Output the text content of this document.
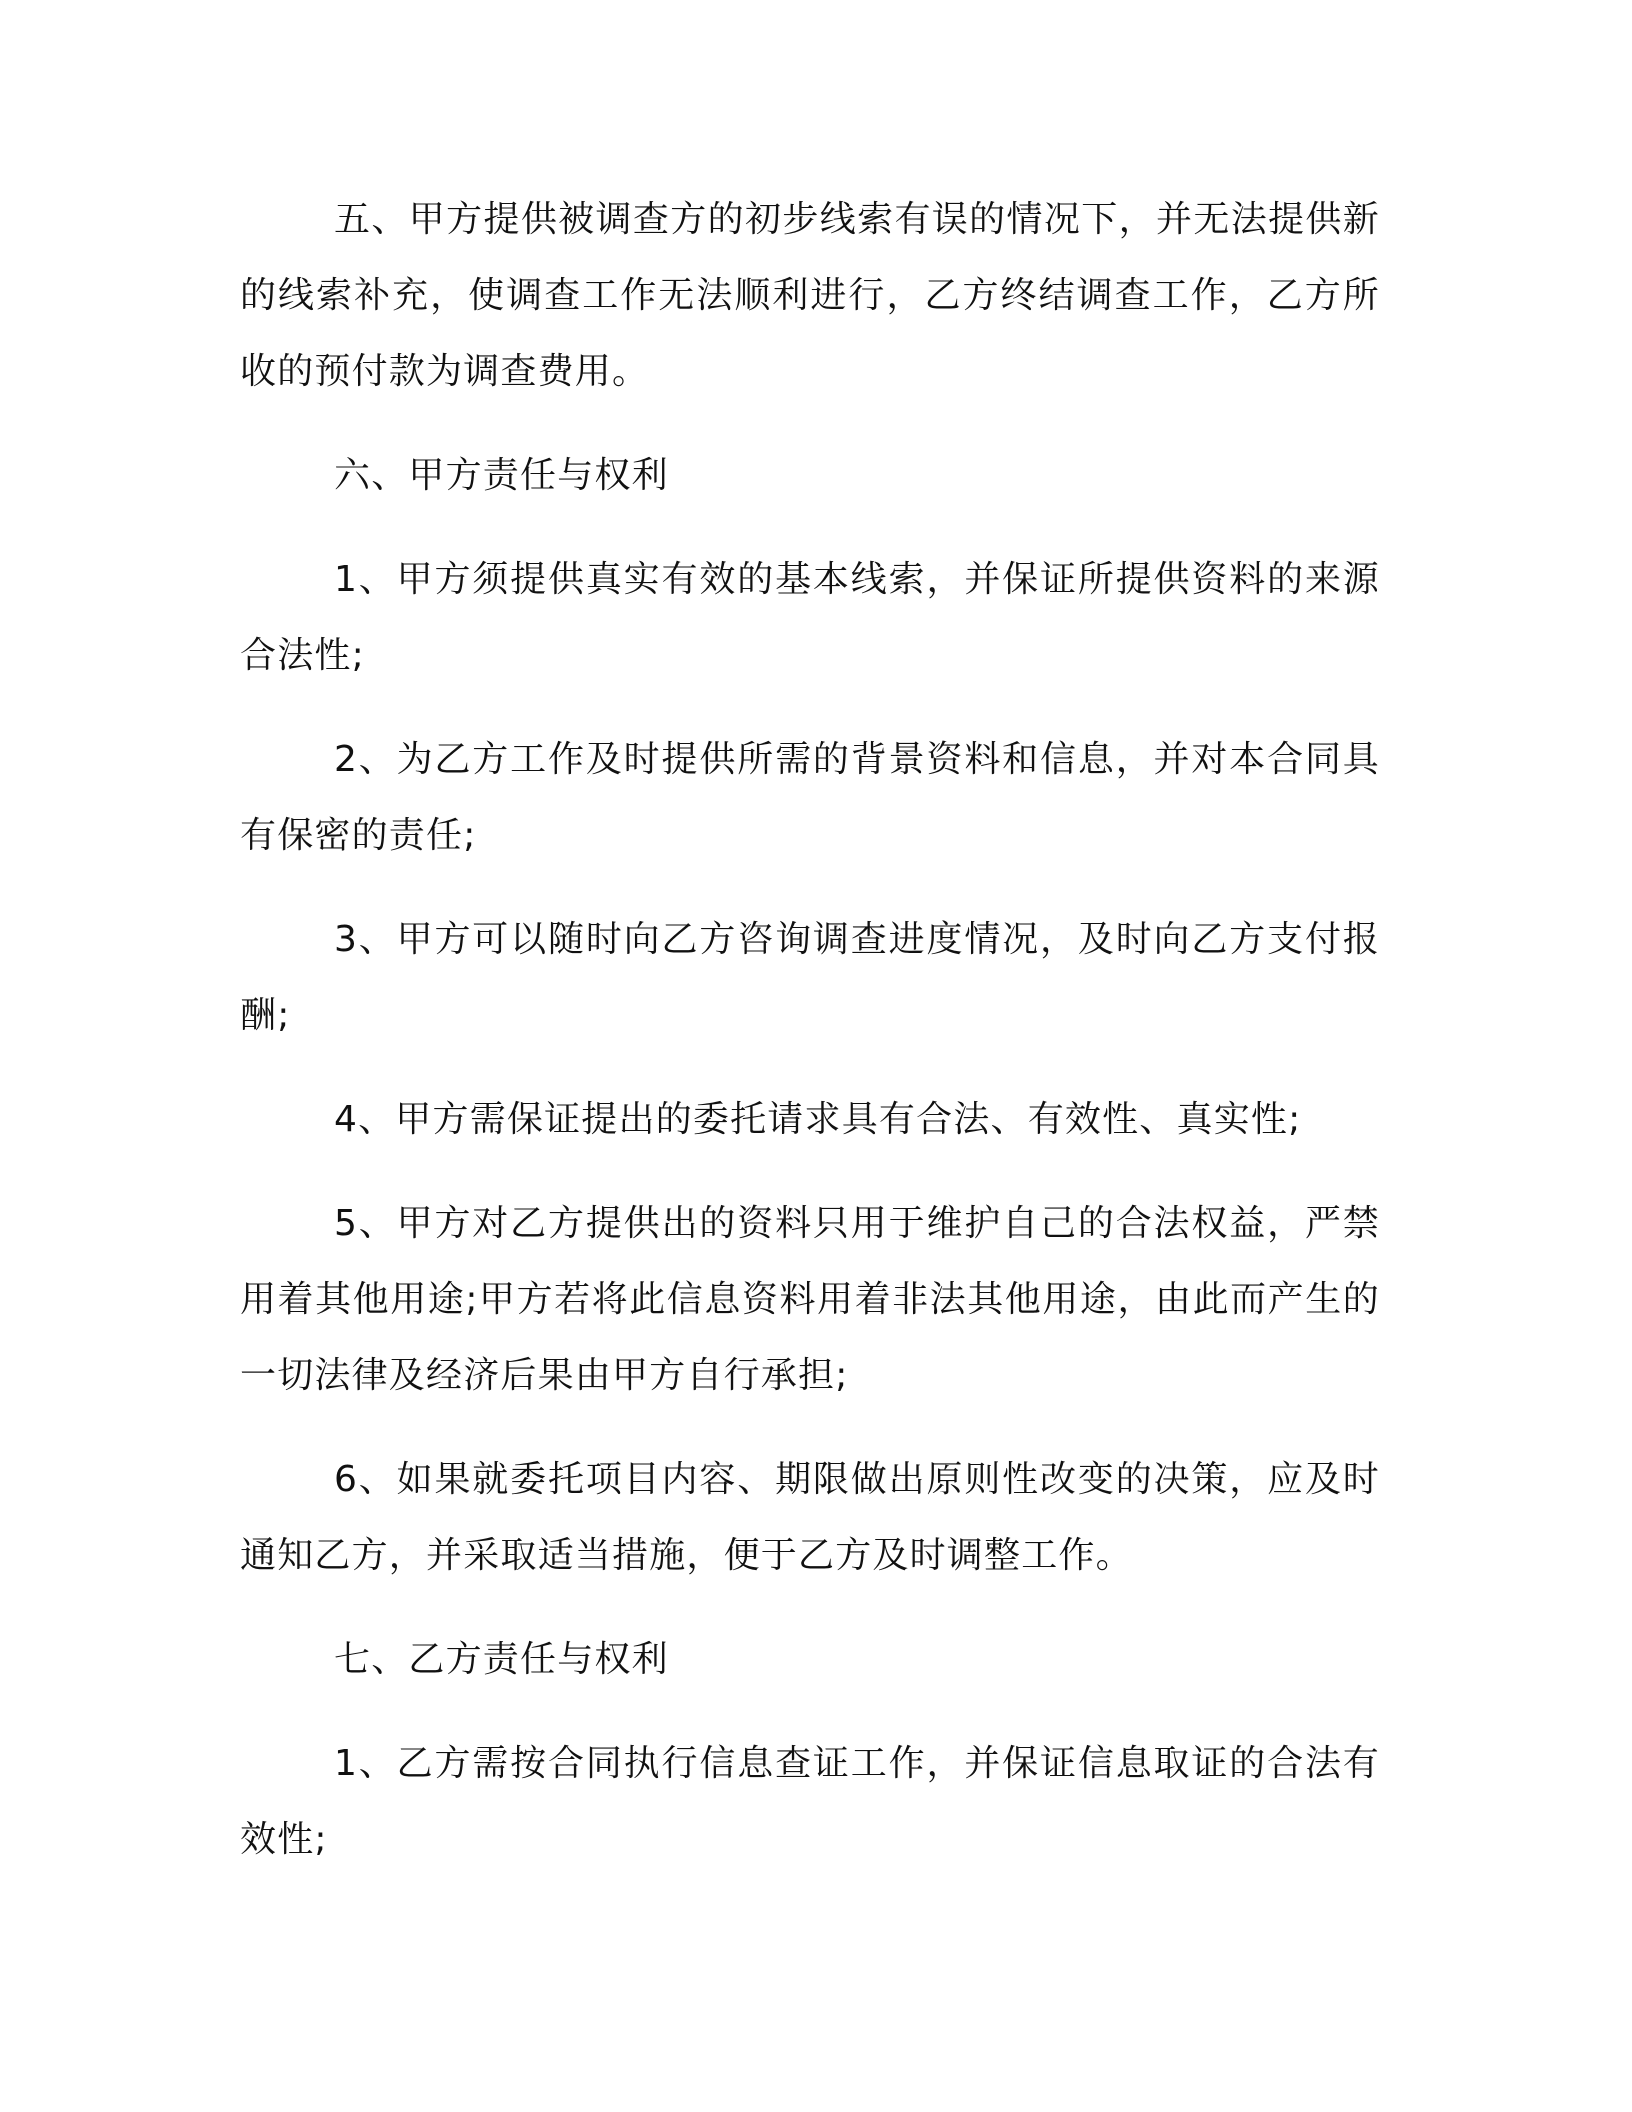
五、甲方提供被调查方的初步线索有误的情况下，并无法提供新的线索补充，使调查工作无法顺利进行，乙方终结调查工作，乙方所收的预付款为调查费用。

六、甲方责任与权利

1、甲方须提供真实有效的基本线索，并保证所提供资料的来源合法性;

2、为乙方工作及时提供所需的背景资料和信息，并对本合同具有保密的责任;

3、甲方可以随时向乙方咨询调查进度情况，及时向乙方支付报酬;

4、甲方需保证提出的委托请求具有合法、有效性、真实性;

5、甲方对乙方提供出的资料只用于维护自己的合法权益，严禁用着其他用途;甲方若将此信息资料用着非法其他用途，由此而产生的一切法律及经济后果由甲方自行承担;

6、如果就委托项目内容、期限做出原则性改变的决策，应及时通知乙方，并采取适当措施，便于乙方及时调整工作。

七、乙方责任与权利

1、乙方需按合同执行信息查证工作，并保证信息取证的合法有效性;
